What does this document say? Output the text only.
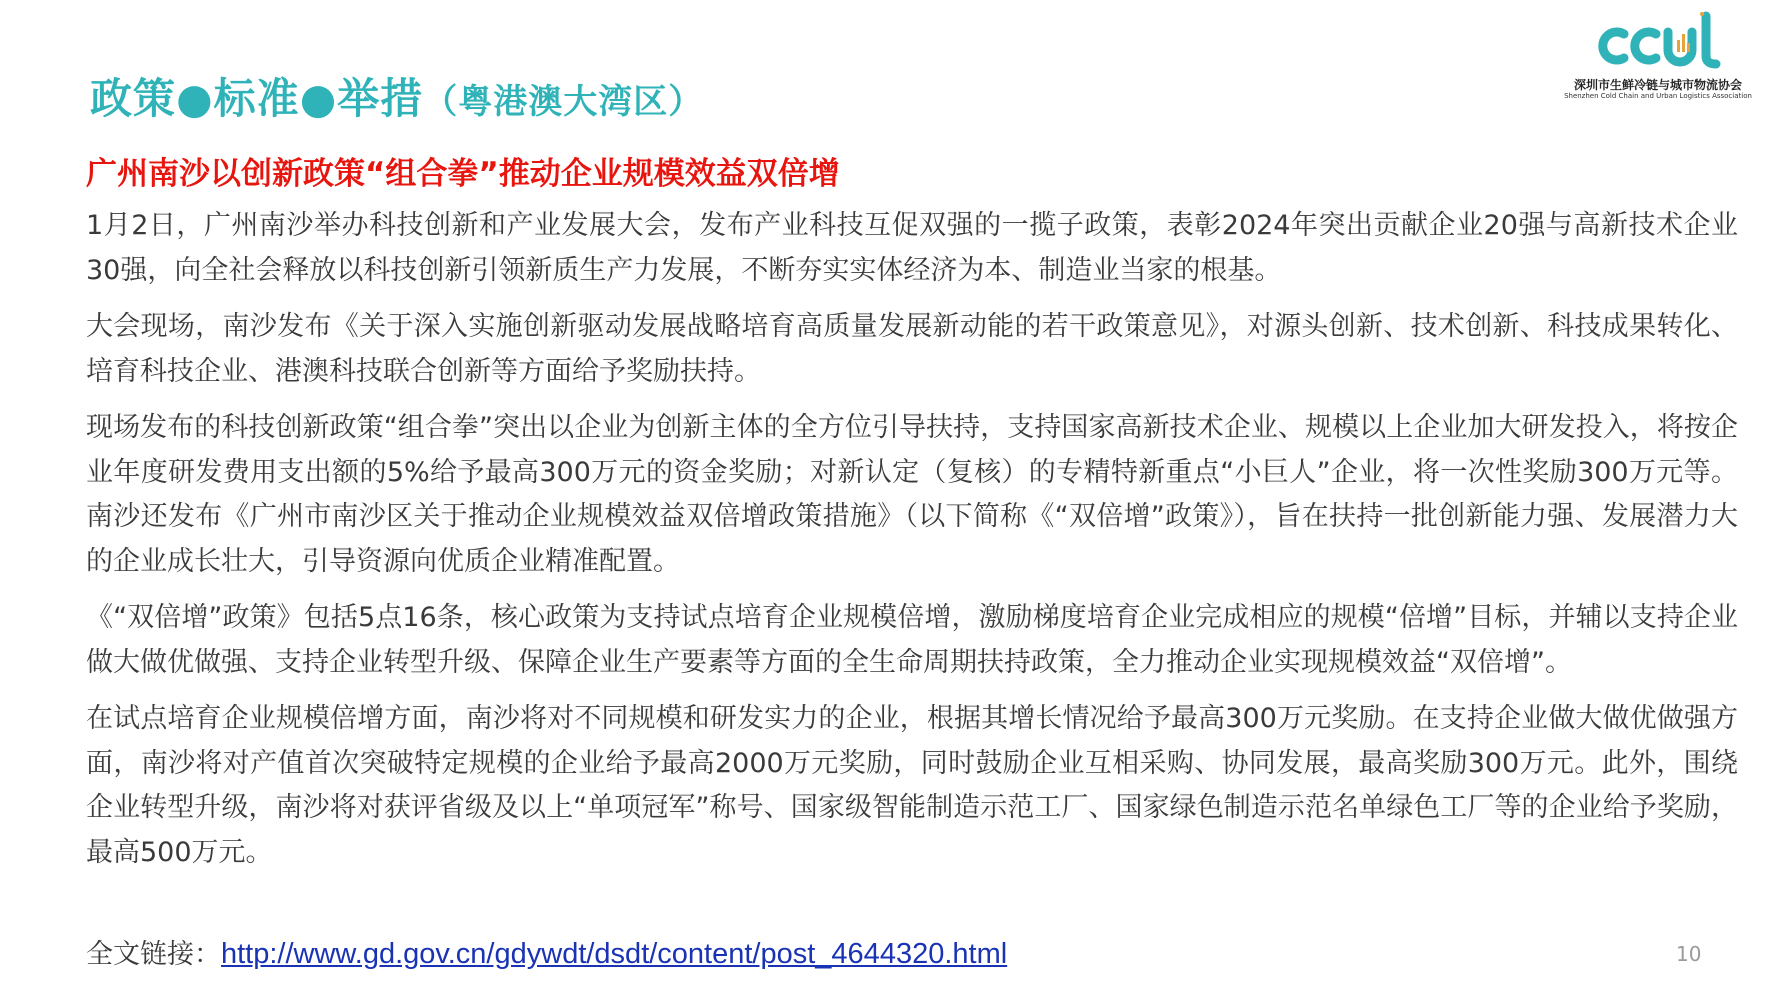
政策●标准●举措（粤港澳大湾区）	深圳市生鲜冷链与城市物流协会
Shenzhen Cold Chain and Urban Logistics Association
广州南沙以创新政策“组合拳”推动企业规模效益双倍增

1月2日，广州南沙举办科技创新和产业发展大会，发布产业科技互促双强的一揽子政策，表彰2024年突出贡献企业20强与高新技术企业30强，向全社会释放以科技创新引领新质生产力发展，不断夯实实体经济为本、制造业当家的根基。

大会现场，南沙发布《关于深入实施创新驱动发展战略培育高质量发展新动能的若干政策意见》，对源头创新、技术创新、科技成果转化、培育科技企业、港澳科技联合创新等方面给予奖励扶持。

现场发布的科技创新政策“组合拳”突出以企业为创新主体的全方位引导扶持，支持国家高新技术企业、规模以上企业加大研发投入，将按企业年度研发费用支出额的5%给予最高300万元的资金奖励；对新认定（复核）的专精特新重点“小巨人”企业，将一次性奖励300万元等。南沙还发布《广州市南沙区关于推动企业规模效益双倍增政策措施》（以下简称《“双倍增”政策》），旨在扶持一批创新能力强、发展潜力大的企业成长壮大，引导资源向优质企业精准配置。

《“双倍增”政策》包括5点16条，核心政策为支持试点培育企业规模倍增，激励梯度培育企业完成相应的规模“倍增”目标，并辅以支持企业做大做优做强、支持企业转型升级、保障企业生产要素等方面的全生命周期扶持政策，全力推动企业实现规模效益“双倍增”。

在试点培育企业规模倍增方面，南沙将对不同规模和研发实力的企业，根据其增长情况给予最高300万元奖励。在支持企业做大做优做强方面，南沙将对产值首次突破特定规模的企业给予最高2000万元奖励，同时鼓励企业互相采购、协同发展，最高奖励300万元。此外，围绕企业转型升级，南沙将对获评省级及以上“单项冠军”称号、国家级智能制造示范工厂、国家绿色制造示范名单绿色工厂等的企业给予奖励，最高500万元。

全文链接：http://www.gd.gov.cn/gdywdt/dsdt/content/post_4644320.html	10
